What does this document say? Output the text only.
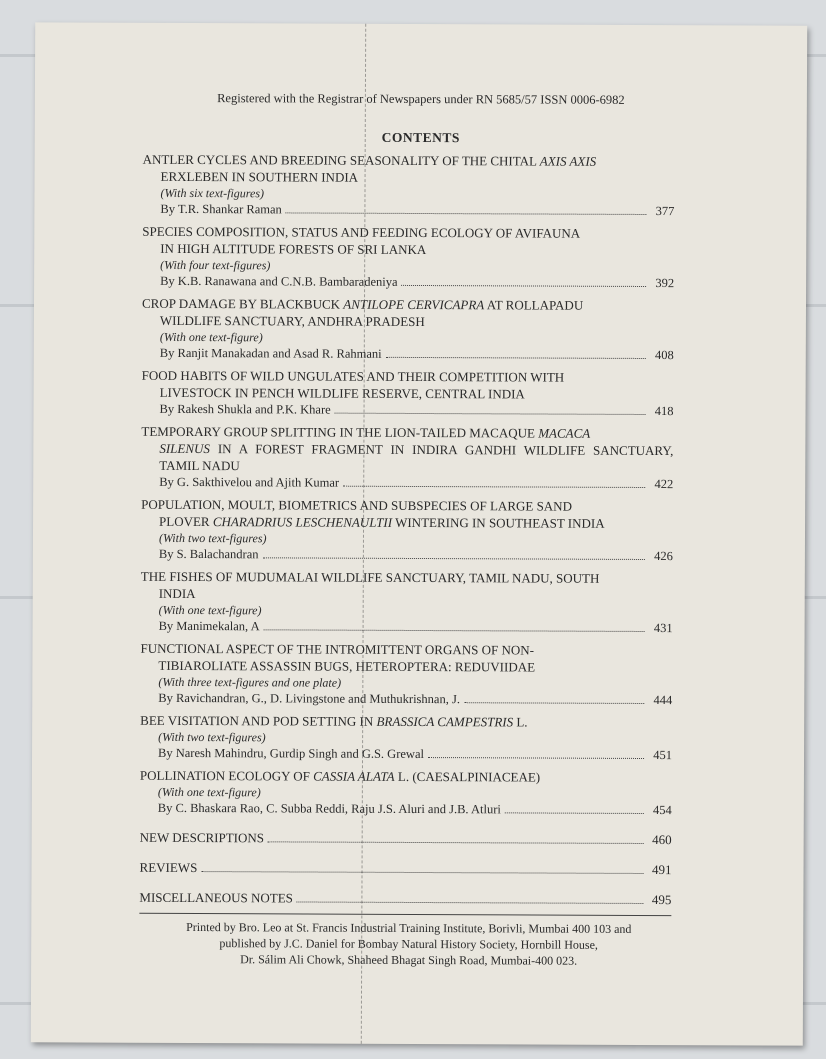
Registered with the Registrar of Newspapers under RN 5685/57 ISSN 0006-6982
CONTENTS
ANTLER CYCLES AND BREEDING SEASONALITY OF THE CHITAL AXIS AXIS
ERXLEBEN IN SOUTHERN INDIA
(With six text-figures)
By T.R. Shankar Raman	377
SPECIES COMPOSITION, STATUS AND FEEDING ECOLOGY OF AVIFAUNA
IN HIGH ALTITUDE FORESTS OF SRI LANKA
(With four text-figures)
By K.B. Ranawana and C.N.B. Bambaradeniya	392
CROP DAMAGE BY BLACKBUCK ANTILOPE CERVICAPRA AT ROLLAPADU
WILDLIFE SANCTUARY, ANDHRA PRADESH
(With one text-figure)
By Ranjit Manakadan and Asad R. Rahmani	408
FOOD HABITS OF WILD UNGULATES AND THEIR COMPETITION WITH
LIVESTOCK IN PENCH WILDLIFE RESERVE, CENTRAL INDIA
By Rakesh Shukla and P.K. Khare	418
TEMPORARY GROUP SPLITTING IN THE LION-TAILED MACAQUE MACACA
SILENUS IN A FOREST FRAGMENT IN INDIRA GANDHI WILDLIFE SANCTUARY, TAMIL NADU
By G. Sakthivelou and Ajith Kumar	422
POPULATION, MOULT, BIOMETRICS AND SUBSPECIES OF LARGE SAND
PLOVER CHARADRIUS LESCHENAULTII WINTERING IN SOUTHEAST INDIA
(With two text-figures)
By S. Balachandran	426
THE FISHES OF MUDUMALAI WILDLIFE SANCTUARY, TAMIL NADU, SOUTH
INDIA
(With one text-figure)
By Manimekalan, A	431
FUNCTIONAL ASPECT OF THE INTROMITTENT ORGANS OF NON-
TIBIAROLIATE ASSASSIN BUGS, HETEROPTERA: REDUVIIDAE
(With three text-figures and one plate)
By Ravichandran, G., D. Livingstone and Muthukrishnan, J.	444
BEE VISITATION AND POD SETTING IN BRASSICA CAMPESTRIS L.
(With two text-figures)
By Naresh Mahindru, Gurdip Singh and G.S. Grewal	451
POLLINATION ECOLOGY OF CASSIA ALATA L. (CAESALPINIACEAE)
(With one text-figure)
By C. Bhaskara Rao, C. Subba Reddi, Raju J.S. Aluri and J.B. Atluri	454
NEW DESCRIPTIONS	460
REVIEWS	491
MISCELLANEOUS NOTES	495
Printed by Bro. Leo at St. Francis Industrial Training Institute, Borivli, Mumbai 400 103 and
published by J.C. Daniel for Bombay Natural History Society, Hornbill House,
Dr. Sálim Ali Chowk, Shaheed Bhagat Singh Road, Mumbai-400 023.
